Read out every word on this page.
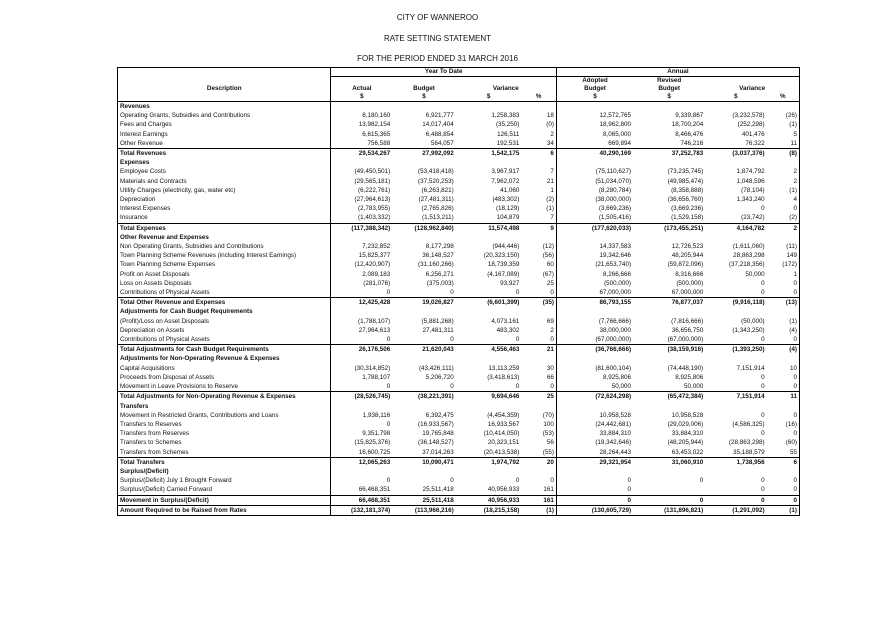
CITY OF WANNEROO
RATE SETTING STATEMENT
FOR THE PERIOD ENDED 31 MARCH 2016
	Year To Date				Annual			
					Adopted	Revised		
Description	Actual	Budget	Variance		Budget	Budget	Variance	
	$	$	$	%	$	$	$	%
Revenues								
Operating Grants, Subsidies and Contributions	8,180,160	6,921,777	1,258,383	18	12,572,765	9,339,867	(3,232,578)	(26)
Fees and Charges	13,982,154	14,017,404	(35,250)	(0)	18,962,800	18,700,204	(252,298)	(1)
Interest Earnings	6,615,365	6,488,854	126,511	2	8,065,000	8,466,476	401,476	5
Other Revenue	756,588	564,057	192,531	34	669,894	746,216	76,322	11
Total Revenues	29,534,267	27,992,092	1,542,175	6	40,290,169	37,252,783	(3,037,376)	(8)
Expenses								
Employee Costs	(49,450,501)	(53,418,418)	3,967,917	7	(75,110,627)	(73,235,745)	1,874,792	2
Materials and Contracts	(29,565,181)	(37,520,253)	7,962,072	21	(51,034,070)	(49,985,474)	1,048,596	2
Utility Charges (electricity, gas, water etc)	(6,222,761)	(6,263,821)	41,060	1	(8,280,784)	(8,358,888)	(78,104)	(1)
Depreciation	(27,964,613)	(27,481,311)	(483,302)	(2)	(38,000,000)	(36,656,760)	1,343,240	4
Interest Expenses	(2,783,955)	(2,765,826)	(18,129)	(1)	(3,669,236)	(3,669,236)	0	0
Insurance	(1,403,332)	(1,513,211)	104,879	7	(1,505,416)	(1,529,158)	(23,742)	(2)
Total Expenses	(117,388,342)	(128,962,840)	11,574,498	9	(177,620,033)	(173,455,251)	4,164,782	2
Other Revenue and Expenses								
Non Operating Grants, Subsidies and Contributions	7,232,852	8,177,298	(944,446)	(12)	14,337,583	12,726,523	(1,611,060)	(11)
Town Planning Scheme Revenues (including Interest Earnings)	15,825,377	36,148,527	(20,323,150)	(56)	19,342,646	48,205,944	28,863,298	149
Town Planning Scheme Expenses	(12,420,907)	(31,160,266)	18,739,359	60	(21,653,740)	(59,872,096)	(37,218,356)	(172)
Profit on Asset Disposals	2,089,183	6,256,271	(4,167,089)	(67)	8,266,666	8,316,666	50,000	1
Loss on Assets Disposals	(281,076)	(375,003)	93,927	25	(500,000)	(500,000)	0	0
Contributions of Physical Assets	0	0	0	0	67,000,000	67,000,000	0	0
Total Other Revenue and Expenses	12,425,428	19,026,827	(6,601,399)	(35)	86,793,155	76,877,037	(9,916,118)	(13)
Adjustments for Cash Budget Requirements								
(Profit)/Loss on Asset Disposals	(1,788,107)	(5,881,268)	4,073,161	69	(7,766,666)	(7,816,666)	(50,000)	(1)
Depreciation on Assets	27,964,613	27,481,311	483,302	2	38,000,000	36,656,750	(1,343,250)	(4)
Contributions of Physical Assets	0	0	0	0	(67,000,000)	(67,000,000)	0	0
Total Adjustments for Cash Budget Requirements	26,176,506	21,620,043	4,556,463	21	(36,766,666)	(38,159,916)	(1,393,250)	(4)
Adjustments for Non-Operating Revenue & Expenses								
Capital Acquisitions	(30,314,852)	(43,426,111)	13,113,259	30	(81,600,104)	(74,448,190)	7,151,914	10
Proceeds from Disposal of Assets	1,788,107	5,206,720	(3,418,613)	66	8,925,806	8,925,806	0	0
Movement in Leave Provisions to Reserve	0	0	0	0	50,000	50,000	0	0
Total Adjustments for Non-Operating Revenue & Expenses	(28,526,745)	(38,221,391)	9,694,646	25	(72,624,298)	(65,472,384)	7,151,914	11
Transfers								
Movement in Restricted Grants, Contributions and Loans	1,938,116	6,392,475	(4,454,359)	(70)	10,958,528	10,958,528	0	0
Transfers to Reserves	0	(16,933,567)	16,933,567	100	(24,442,681)	(29,029,006)	(4,586,325)	(16)
Transfers from Reserves	9,351,798	19,765,848	(10,414,050)	(53)	33,884,310	33,884,310	0	0
Transfers to Schemes	(15,825,376)	(36,148,527)	20,323,151	56	(19,342,646)	(48,205,944)	(28,863,298)	(60)
Transfers from Schemes	16,600,725	37,014,263	(20,413,538)	(55)	28,264,443	63,453,022	35,188,579	55
Total Transfers	12,065,263	10,090,471	1,974,792	20	29,321,954	31,060,910	1,738,956	6
Surplus/(Deficit)								
Surplus/(Deficit) July 1 Brought Forward	0	0	0	0	0	0	0	0
Surplus/(Deficit) Carried Forward	66,468,351	25,511,418	40,956,933	161	0		0	0
Movement in Surplus/(Deficit)	66,468,351	25,511,418	40,956,933	161	0	0	0	0
Amount Required to be Raised from Rates	(132,181,374)	(113,966,216)	(18,215,158)	(1)	(130,605,729)	(131,896,821)	(1,291,092)	(1)
